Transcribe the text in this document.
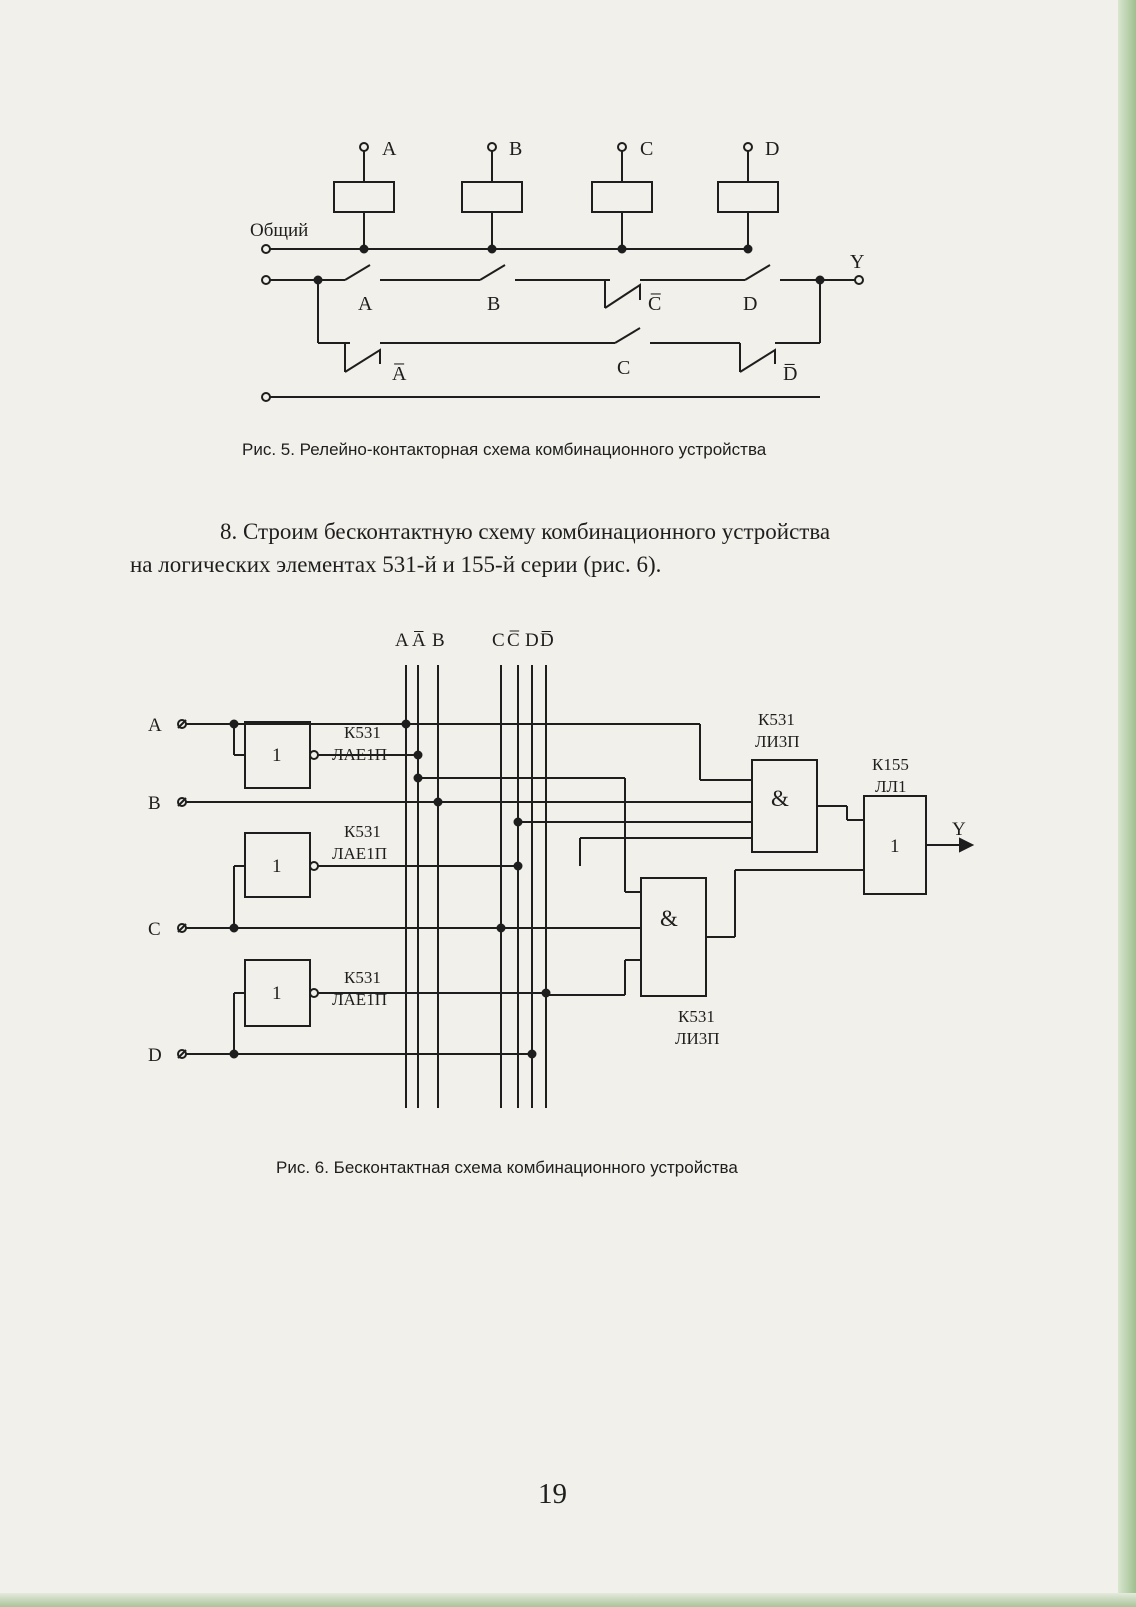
A	B	C	D
Общий
Y
A	B	C̅	D
A̅	C	D̅
Рис. 5. Релейно-контакторная схема комбинационного устройства
8. Строим бесконтактную схему комбинационного устройства
на логических элементах 531-й и 155-й серии (рис. 6).
A A̅ B C C̅ D D̅
A
B
C
D
1
1
1
К531
ЛАЕ1П
К531
ЛАЕ1П
К531
ЛАЕ1П
К531
ЛИ3П
&
&
К531
ЛИ3П
К155
ЛЛ1
1
Y
Рис. 6. Бесконтактная схема комбинационного устройства
19
